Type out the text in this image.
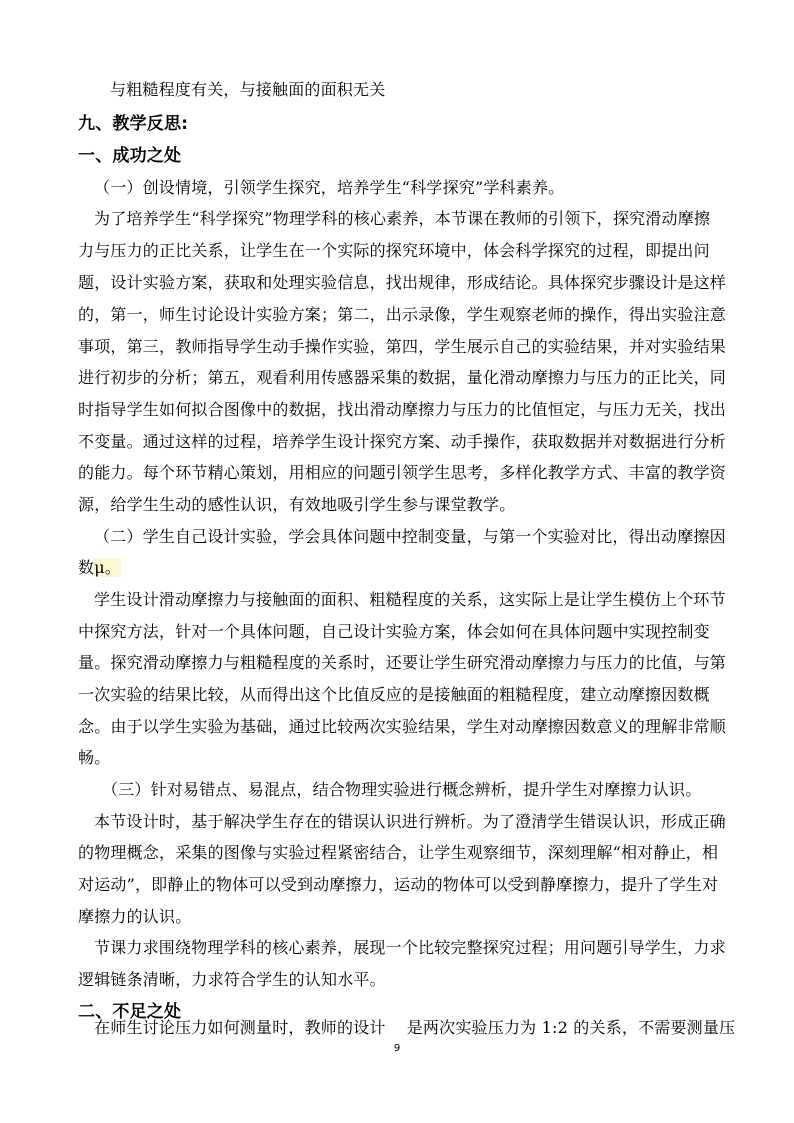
与粗糙程度有关，与接触面的面积无关
九、教学反思:
一、成功之处
（一）创设情境，引领学生探究，培养学生“科学探究”学科素养。
为了培养学生“科学探究”物理学科的核心素养，本节课在教师的引领下，探究滑动摩擦
力与压力的正比关系，让学生在一个实际的探究环境中，体会科学探究的过程，即提出问
题，设计实验方案，获取和处理实验信息，找出规律，形成结论。具体探究步骤设计是这样
的，第一，师生讨论设计实验方案；第二，出示录像，学生观察老师的操作，得出实验注意
事项，第三，教师指导学生动手操作实验，第四，学生展示自己的实验结果，并对实验结果
进行初步的分析；第五，观看利用传感器采集的数据，量化滑动摩擦力与压力的正比关，同
时指导学生如何拟合图像中的数据，找出滑动摩擦力与压力的比值恒定，与压力无关，找出
不变量。通过这样的过程，培养学生设计探究方案、动手操作，获取数据并对数据进行分析
的能力。每个环节精心策划，用相应的问题引领学生思考，多样化教学方式、丰富的教学资
源，给学生生动的感性认识，有效地吸引学生参与课堂教学。
（二）学生自己设计实验，学会具体问题中控制变量，与第一个实验对比，得出动摩擦因
数μ。
学生设计滑动摩擦力与接触面的面积、粗糙程度的关系，这实际上是让学生模仿上个环节
中探究方法，针对一个具体问题，自己设计实验方案，体会如何在具体问题中实现控制变
量。探究滑动摩擦力与粗糙程度的关系时，还要让学生研究滑动摩擦力与压力的比值，与第
一次实验的结果比较，从而得出这个比值反应的是接触面的粗糙程度，建立动摩擦因数概
念。由于以学生实验为基础，通过比较两次实验结果，学生对动摩擦因数意义的理解非常顺
畅。
（三）针对易错点、易混点，结合物理实验进行概念辨析，提升学生对摩擦力认识。
本节设计时，基于解决学生存在的错误认识进行辨析。为了澄清学生错误认识，形成正确
的物理概念，采集的图像与实验过程紧密结合，让学生观察细节，深刻理解“相对静止，相
对运动”，即静止的物体可以受到动摩擦力，运动的物体可以受到静摩擦力，提升了学生对
摩擦力的认识。
节课力求围绕物理学科的核心素养，展现一个比较完整探究过程；用问题引导学生，力求
逻辑链条清晰，力求符合学生的认知水平。
二、不足之处
在师生讨论压力如何测量时，教师的设计    是两次实验压力为 1:2 的关系，不需要测量压
9
